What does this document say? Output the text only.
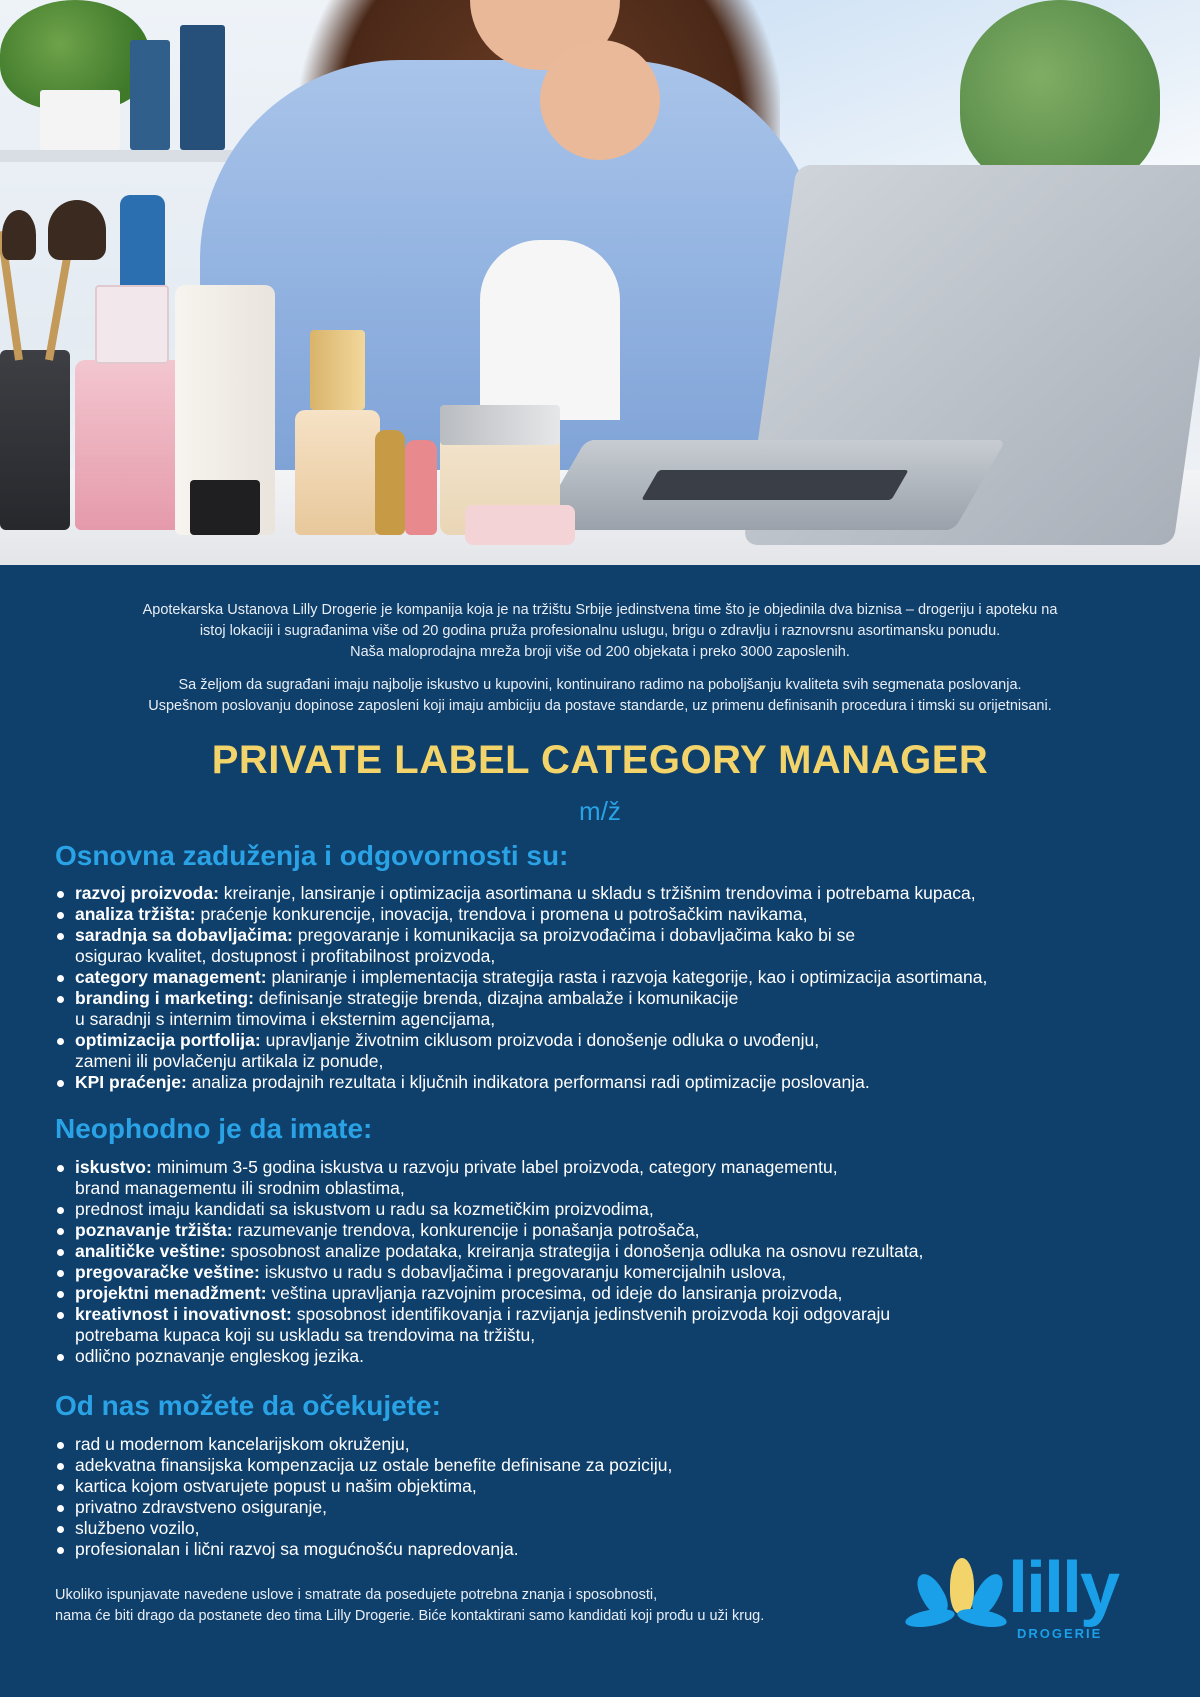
Apotekarska Ustanova Lilly Drogerie je kompanija koja je na tržištu Srbije jedinstvena time što je objedinila dva biznisa – drogeriju i apoteku na
istoj lokaciji i sugrađanima više od 20 godina pruža profesionalnu uslugu, brigu o zdravlju i raznovrsnu asortimansku ponudu.
Naša maloprodajna mreža broji više od 200 objekata i preko 3000 zaposlenih.

Sa željom da sugrađani imaju najbolje iskustvo u kupovini, kontinuirano radimo na poboljšanju kvaliteta svih segmenata poslovanja.
Uspešnom poslovanju dopinose zaposleni koji imaju ambiciju da postave standarde, uz primenu definisanih procedura i timski su orijetnisani.

PRIVATE LABEL CATEGORY MANAGER
m/ž
Osnovna zaduženja i odgovornosti su:
razvoj proizvoda: kreiranje, lansiranje i optimizacija asortimana u skladu s tržišnim trendovima i potrebama kupaca,
analiza tržišta: praćenje konkurencije, inovacija, trendova i promena u potrošačkim navikama,
saradnja sa dobavljačima: pregovaranje i komunikacija sa proizvođačima i dobavljačima kako bi se
osigurao kvalitet, dostupnost i profitabilnost proizvoda,
category management: planiranje i implementacija strategija rasta i razvoja kategorije, kao i optimizacija asortimana,
branding i marketing: definisanje strategije brenda, dizajna ambalaže i komunikacije
u saradnji s internim timovima i eksternim agencijama,
optimizacija portfolija: upravljanje životnim ciklusom proizvoda i donošenje odluka o uvođenju,
zameni ili povlačenju artikala iz ponude,
KPI praćenje: analiza prodajnih rezultata i ključnih indikatora performansi radi optimizacije poslovanja.
Neophodno je da imate:
iskustvo: minimum 3-5 godina iskustva u razvoju private label proizvoda, category managementu,
brand managementu ili srodnim oblastima,
prednost imaju kandidati sa iskustvom u radu sa kozmetičkim proizvodima,
poznavanje tržišta: razumevanje trendova, konkurencije i ponašanja potrošača,
analitičke veštine: sposobnost analize podataka, kreiranja strategija i donošenja odluka na osnovu rezultata,
pregovaračke veštine: iskustvo u radu s dobavljačima i pregovaranju komercijalnih uslova,
projektni menadžment: veština upravljanja razvojnim procesima, od ideje do lansiranja proizvoda,
kreativnost i inovativnost: sposobnost identifikovanja i razvijanja jedinstvenih proizvoda koji odgovaraju
potrebama kupaca koji su uskladu sa trendovima na tržištu,
odlično poznavanje engleskog jezika.
Od nas možete da očekujete:
rad u modernom kancelarijskom okruženju,
adekvatna finansijska kompenzacija uz ostale benefite definisane za poziciju,
kartica kojom ostvarujete popust u našim objektima,
privatno zdravstveno osiguranje,
službeno vozilo,
profesionalan i lični razvoj sa mogućnošću napredovanja.

Ukoliko ispunjavate navedene uslove i smatrate da posedujete potrebna znanja i sposobnosti,

nama će biti drago da postanete deo tima Lilly Drogerie. Biće kontaktirani samo kandidati koji prođu u uži krug.	lilly
DROGERIE
